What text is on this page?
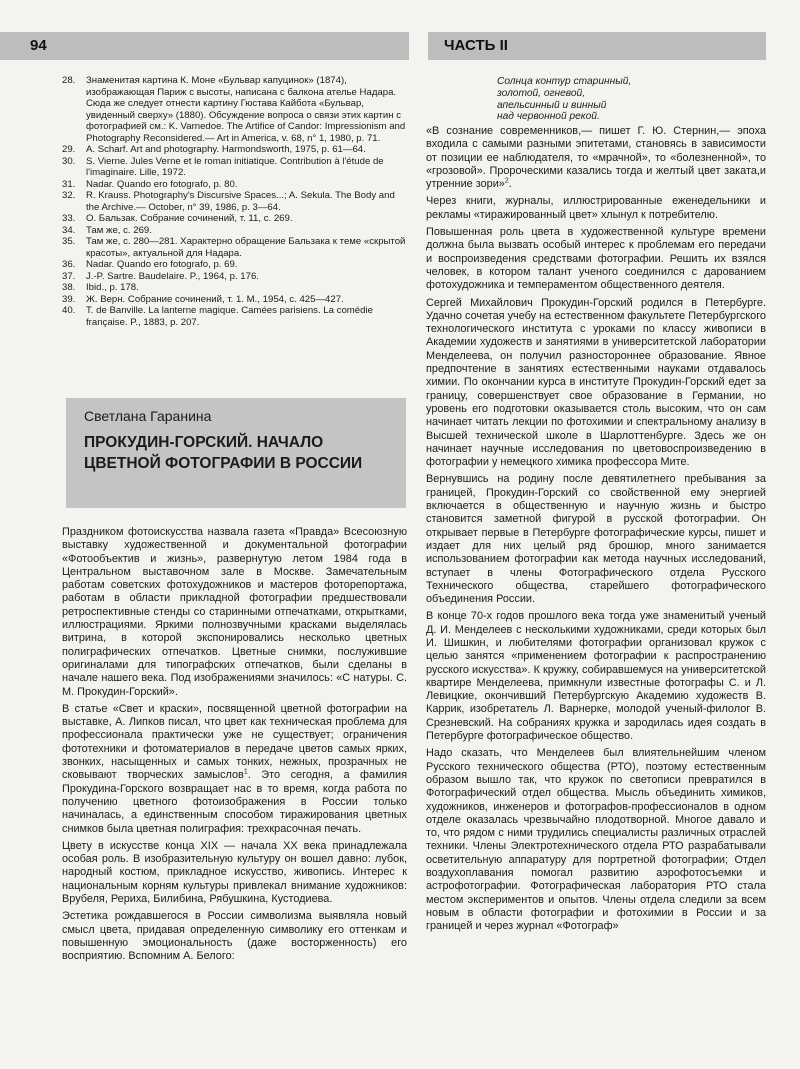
94	ЧАСТЬ II
28. Знаменитая картина К. Моне «Бульвар капуцинок» (1874), изображающая Париж с высоты, написана с балкона ателье Надара. Сюда же следует отнести картину Гюстава Кайбота «Бульвар, увиденный сверху» (1880). Обсуждение вопроса о связи этих картин с фотографией см.: K. Varnedoe. The Artifice of Candor: Impressionism and Photography Reconsidered.— Art in America, v. 68, n° 1, 1980, p. 71.
29. A. Scharf. Art and photography. Harmondsworth, 1975, p. 61—64.
30. S. Vierne. Jules Verne et le roman initiatique. Contribution à l'étude de l'imaginaire. Lille, 1972.
31. Nadar. Quando ero fotografo, p. 80.
32. R. Krauss. Photography's Discursive Spaces...; A. Sekula. The Body and the Archive.— October, n° 39, 1986, p. 3—64.
33. О. Бальзак. Собрание сочинений, т. 11, с. 269.
34. Там же, с. 269.
35. Там же, с. 280—281. Характерно обращение Бальзака к теме «скрытой красоты», актуальной для Надара.
36. Nadar. Quando ero fotografo, p. 69.
37. J.-P. Sartre. Baudelaire. P., 1964, p. 176.
38. Ibid., p. 178.
39. Ж. Верн. Собрание сочинений, т. 1. М., 1954, с. 425—427.
40. T. de Banville. La lanterne magique. Camées parisiens. La comédie française. P., 1883, p. 207.
Солнца контур старинный,
золотой, огневой,
апельсинный и винный
над червонной рекой.
Светлана Гаранина
ПРОКУДИН-ГОРСКИЙ. НАЧАЛО
ЦВЕТНОЙ ФОТОГРАФИИ В РОССИИ

Праздником фотоискусства назвала газета «Правда» Всесоюзную выставку художественной и документальной фотографии «Фотообъектив и жизнь», развернутую летом 1984 года в Центральном выставочном зале в Москве. Замечательным работам советских фотохудожников и мастеров фоторепортажа, работам в области прикладной фотографии предшествовали ретроспективные стенды со старинными отпечатками, открытками, иллюстрациями. Яркими полнозвучными красками выделялась витрина, в которой экспонировались несколько цветных полиграфических отпечатков. Цветные снимки, послужившие оригиналами для типографских отпечатков, были сделаны в начале нашего века. Под изображениями значилось: «С натуры. С. М. Прокудин-Горский».

В статье «Свет и краски», посвященной цветной фотографии на выставке, А. Липков писал, что цвет как техническая проблема для профессионала практически уже не существует; ограничения фототехники и фотоматериалов в передаче цветов самых ярких, звонких, насыщенных и самых тонких, нежных, прозрачных не сковывают творческих замыслов$^1$. Это сегодня, а фамилия Прокудина-Горского возвращает нас в то время, когда работа по получению цветного фотоизображения в России только начиналась, а единственным способом тиражирования цветных снимков была цветная полиграфия: трехкрасочная печать.

Цвету в искусстве конца XIX — начала XX века принадлежала особая роль. В изобразительную культуру он вошел давно: лубок, народный костюм, прикладное искусство, живопись. Интерес к национальным корням культуры привлекал внимание художников: Врубеля, Рериха, Билибина, Рябушкина, Кустодиева.

Эстетика рождавшегося в России символизма выявляла новый смысл цвета, придавая определенную символику его оттенкам и повышенную эмоциональность (даже восторженность) его восприятию. Вспомним А. Белого:

«В сознание современников,— пишет Г. Ю. Стернин,— эпоха входила с самыми разными эпитетами, становясь в зависимости от позиции ее наблюдателя, то «мрачной», то «болезненной», то «грозовой». Пророческими казались тогда и желтый цвет заката,и утренние зори»$^2$.

Через книги, журналы, иллюстрированные еженедельники и рекламы «тиражированный цвет» хлынул к потребителю.

Повышенная роль цвета в художественной культуре времени должна была вызвать особый интерес к проблемам его передачи и воспроизведения средствами фотографии. Решить их взялся человек, в котором талант ученого соединился с дарованием фотохудожника и темпераментом общественного деятеля.

Сергей Михайлович Прокудин-Горский родился в Петербурге. Удачно сочетая учебу на естественном факультете Петербургского технологического института с уроками по классу живописи в Академии художеств и занятиями в университетской лаборатории Менделеева, он получил разностороннее образование. Явное предпочтение в занятиях естественными науками отдавалось химии. По окончании курса в институте Прокудин-Горский едет за границу, совершенствует свое образование в Германии, но уровень его подготовки оказывается столь высоким, что он сам начинает читать лекции по фотохимии и спектральному анализу в Высшей технической школе в Шарлоттенбурге. Здесь же он начинает научные исследования по цветовоспроизведению в фотографии у немецкого химика профессора Мите.

Вернувшись на родину после девятилетнего пребывания за границей, Прокудин-Горский со свойственной ему энергией включается в общественную и научную жизнь и быстро становится заметной фигурой в русской фотографии. Он открывает первые в Петербурге фотографические курсы, пишет и издает для них целый ряд брошюр, много занимается использованием фотографии как метода научных исследований, вступает в члены Фотографического отдела Русского Технического общества, старейшего фотографического объединения России.

В конце 70-х годов прошлого века тогда уже знаменитый ученый Д. И. Менделеев с несколькими художниками, среди которых был И. Шишкин, и любителями фотографии организовал кружок с целью занятся «применением фотографии к распространению русского искусства». К кружку, собиравшемуся на университетской квартире Менделеева, примкнули известные фотографы С. и Л. Левицкие, окончивший Петербургскую Академию художеств В. Каррик, изобретатель Л. Варнерке, молодой ученый-филолог В. Срезневский. На собраниях кружка и зародилась идея создать в Петербурге фотографическое общество.

Надо сказать, что Менделеев был влиятельнейшим членом Русского технического общества (РТО), поэтому естественным образом вышло так, что кружок по светописи превратился в Фотографический отдел общества. Мысль объединить химиков, художников, инженеров и фотографов-профессионалов в одном отделе оказалась чрезвычайно плодотворной. Многое давало и то, что рядом с ними трудились специалисты различных отраслей техники. Члены Электротехнического отдела РТО разрабатывали осветительную аппаратуру для портретной фотографии; Отдел воздухоплавания помогал развитию аэрофотосъемки и астрофотографии. Фотографическая лаборатория РТО стала местом экспериментов и опытов. Члены отдела следили за всем новым в области фотографии и фотохимии в России и за границей и через журнал «Фотограф»
